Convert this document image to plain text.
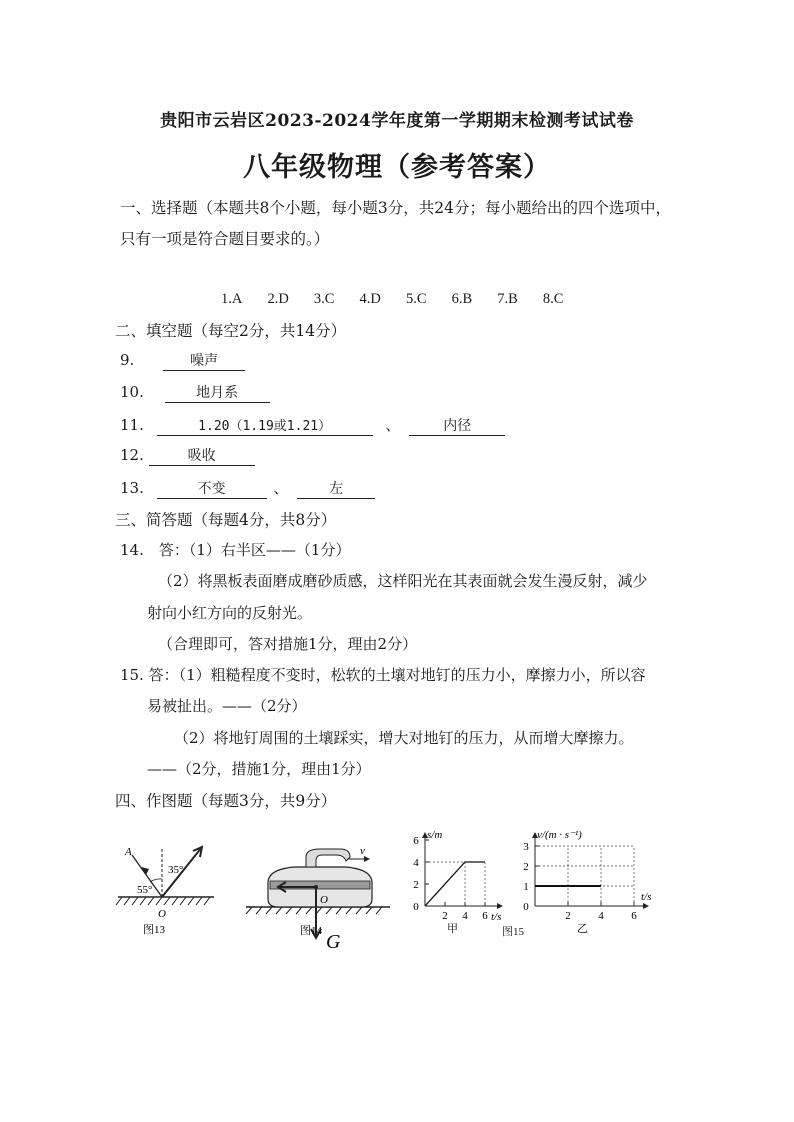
贵阳市云岩区2023-2024学年度第一学期期末检测考试试卷
八年级物理（参考答案）
一、选择题（本题共8个小题，每小题3分，共24分；每小题给出的四个选项中，
只有一项是符合题目要求的。）
1.A 2.D 3.C 4.D 5.C 6.B 7.B 8.C
二、填空题（每空2分，共14分）
9.	噪声
10.	地月系
11.	1.20（1.19或1.21）	、	内径
12.	吸收
13.	不变	、	左
三、简答题（每题4分，共8分）
14.　答：（1）右半区——（1分）
（2）将黑板表面磨成磨砂质感，这样阳光在其表面就会发生漫反射，减少
射向小红方向的反射光。
（合理即可，答对措施1分，理由2分）
15. 答：（1）粗糙程度不变时，松软的土壤对地钉的压力小，摩擦力小，所以容
易被扯出。——（2分）
（2）将地钉周围的土壤踩实，增大对地钉的压力，从而增大摩擦力。
——（2分，措施1分，理由1分）
四、作图题（每题3分，共9分）
A
35°
55°
O
图13
v
O
图14 G
s/m
t/s
甲
6
4
2
0
2 4 6
图15
v/(m · s⁻¹)
t/s
乙
3
2
1
0
2	4	6
